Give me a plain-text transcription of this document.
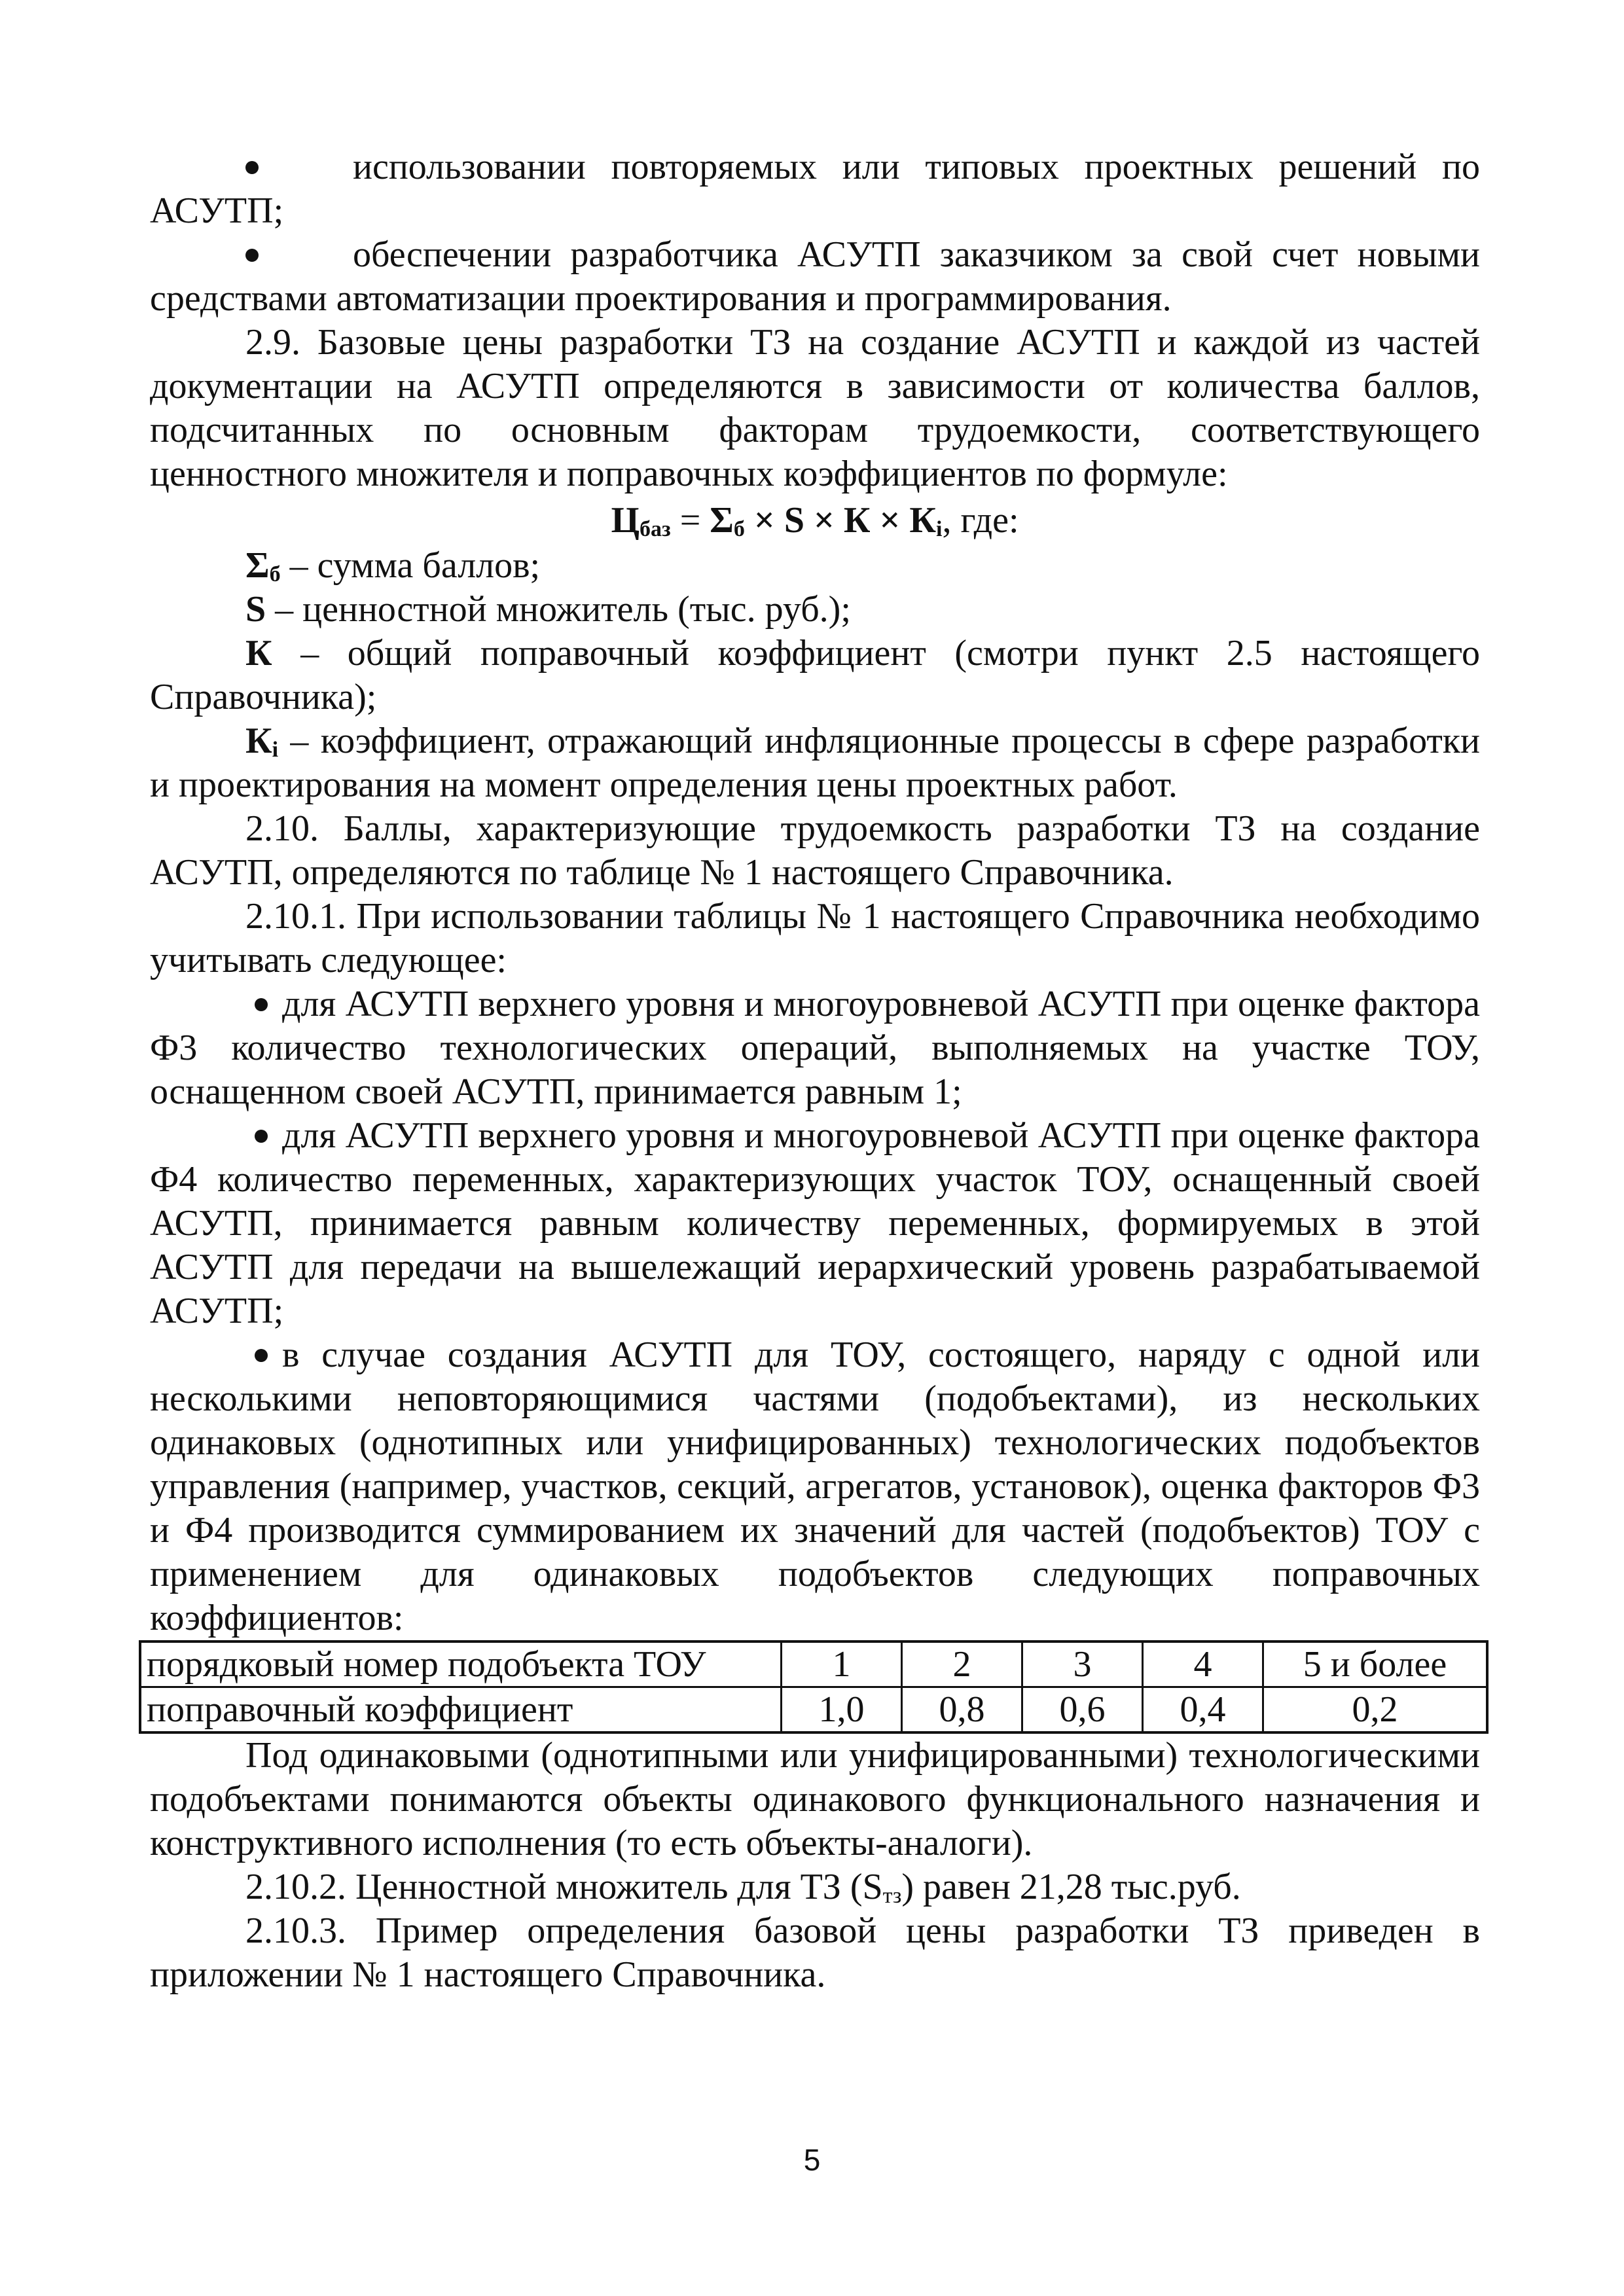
использовании повторяемых или типовых проектных решений по АСУТП;

обеспечении разработчика АСУТП заказчиком за свой счет новыми средствами автоматизации проектирования и программирования.

2.9. Базовые цены разработки ТЗ на создание АСУТП и каждой из частей документации на АСУТП определяются в зависимости от количества баллов, подсчитанных по основным факторам трудоемкости, соответствующего ценностного множителя и поправочных коэффициентов по формуле:

$Ц_{баз} = \Sigma_б \times S \times К \times К_i$, где:

$\Sigma_б$ – сумма баллов;

S – ценностной множитель (тыс. руб.);

К – общий поправочный коэффициент (смотри пункт 2.5 настоящего Справочника);

$К_i$ – коэффициент, отражающий инфляционные процессы в сфере разработки и проектирования на момент определения цены проектных работ.

2.10. Баллы, характеризующие трудоемкость разработки ТЗ на создание АСУТП, определяются по таблице № 1 настоящего Справочника.

2.10.1. При использовании таблицы № 1 настоящего Справочника необходимо учитывать следующее:

для АСУТП верхнего уровня и многоуровневой АСУТП при оценке фактора Ф3 количество технологических операций, выполняемых на участке ТОУ, оснащенном своей АСУТП, принимается равным 1;

для АСУТП верхнего уровня и многоуровневой АСУТП при оценке фактора Ф4 количество переменных, характеризующих участок ТОУ, оснащенный своей АСУТП, принимается равным количеству переменных, формируемых в этой АСУТП для передачи на вышележащий иерархический уровень разрабатываемой АСУТП;

в случае создания АСУТП для ТОУ, состоящего, наряду с одной или несколькими неповторяющимися частями (подобъектами), из нескольких одинаковых (однотипных или унифицированных) технологических подобъектов управления (например, участков, секций, агрегатов, установок), оценка факторов Ф3 и Ф4 производится суммированием их значений для частей (подобъектов) ТОУ с применением для одинаковых подобъектов следующих поправочных коэффициентов:

порядковый номер подобъекта ТОУ	1	2	3	4	5 и более
поправочный коэффициент	1,0	0,8	0,6	0,4	0,2

Под одинаковыми (однотипными или унифицированными) технологическими подобъектами понимаются объекты одинакового функционального назначения и конструктивного исполнения (то есть объекты-аналоги).

2.10.2. Ценностной множитель для ТЗ $(S_{тз})$ равен 21,28 тыс.руб.

2.10.3. Пример определения базовой цены разработки ТЗ приведен в приложении № 1 настоящего Справочника.

5
